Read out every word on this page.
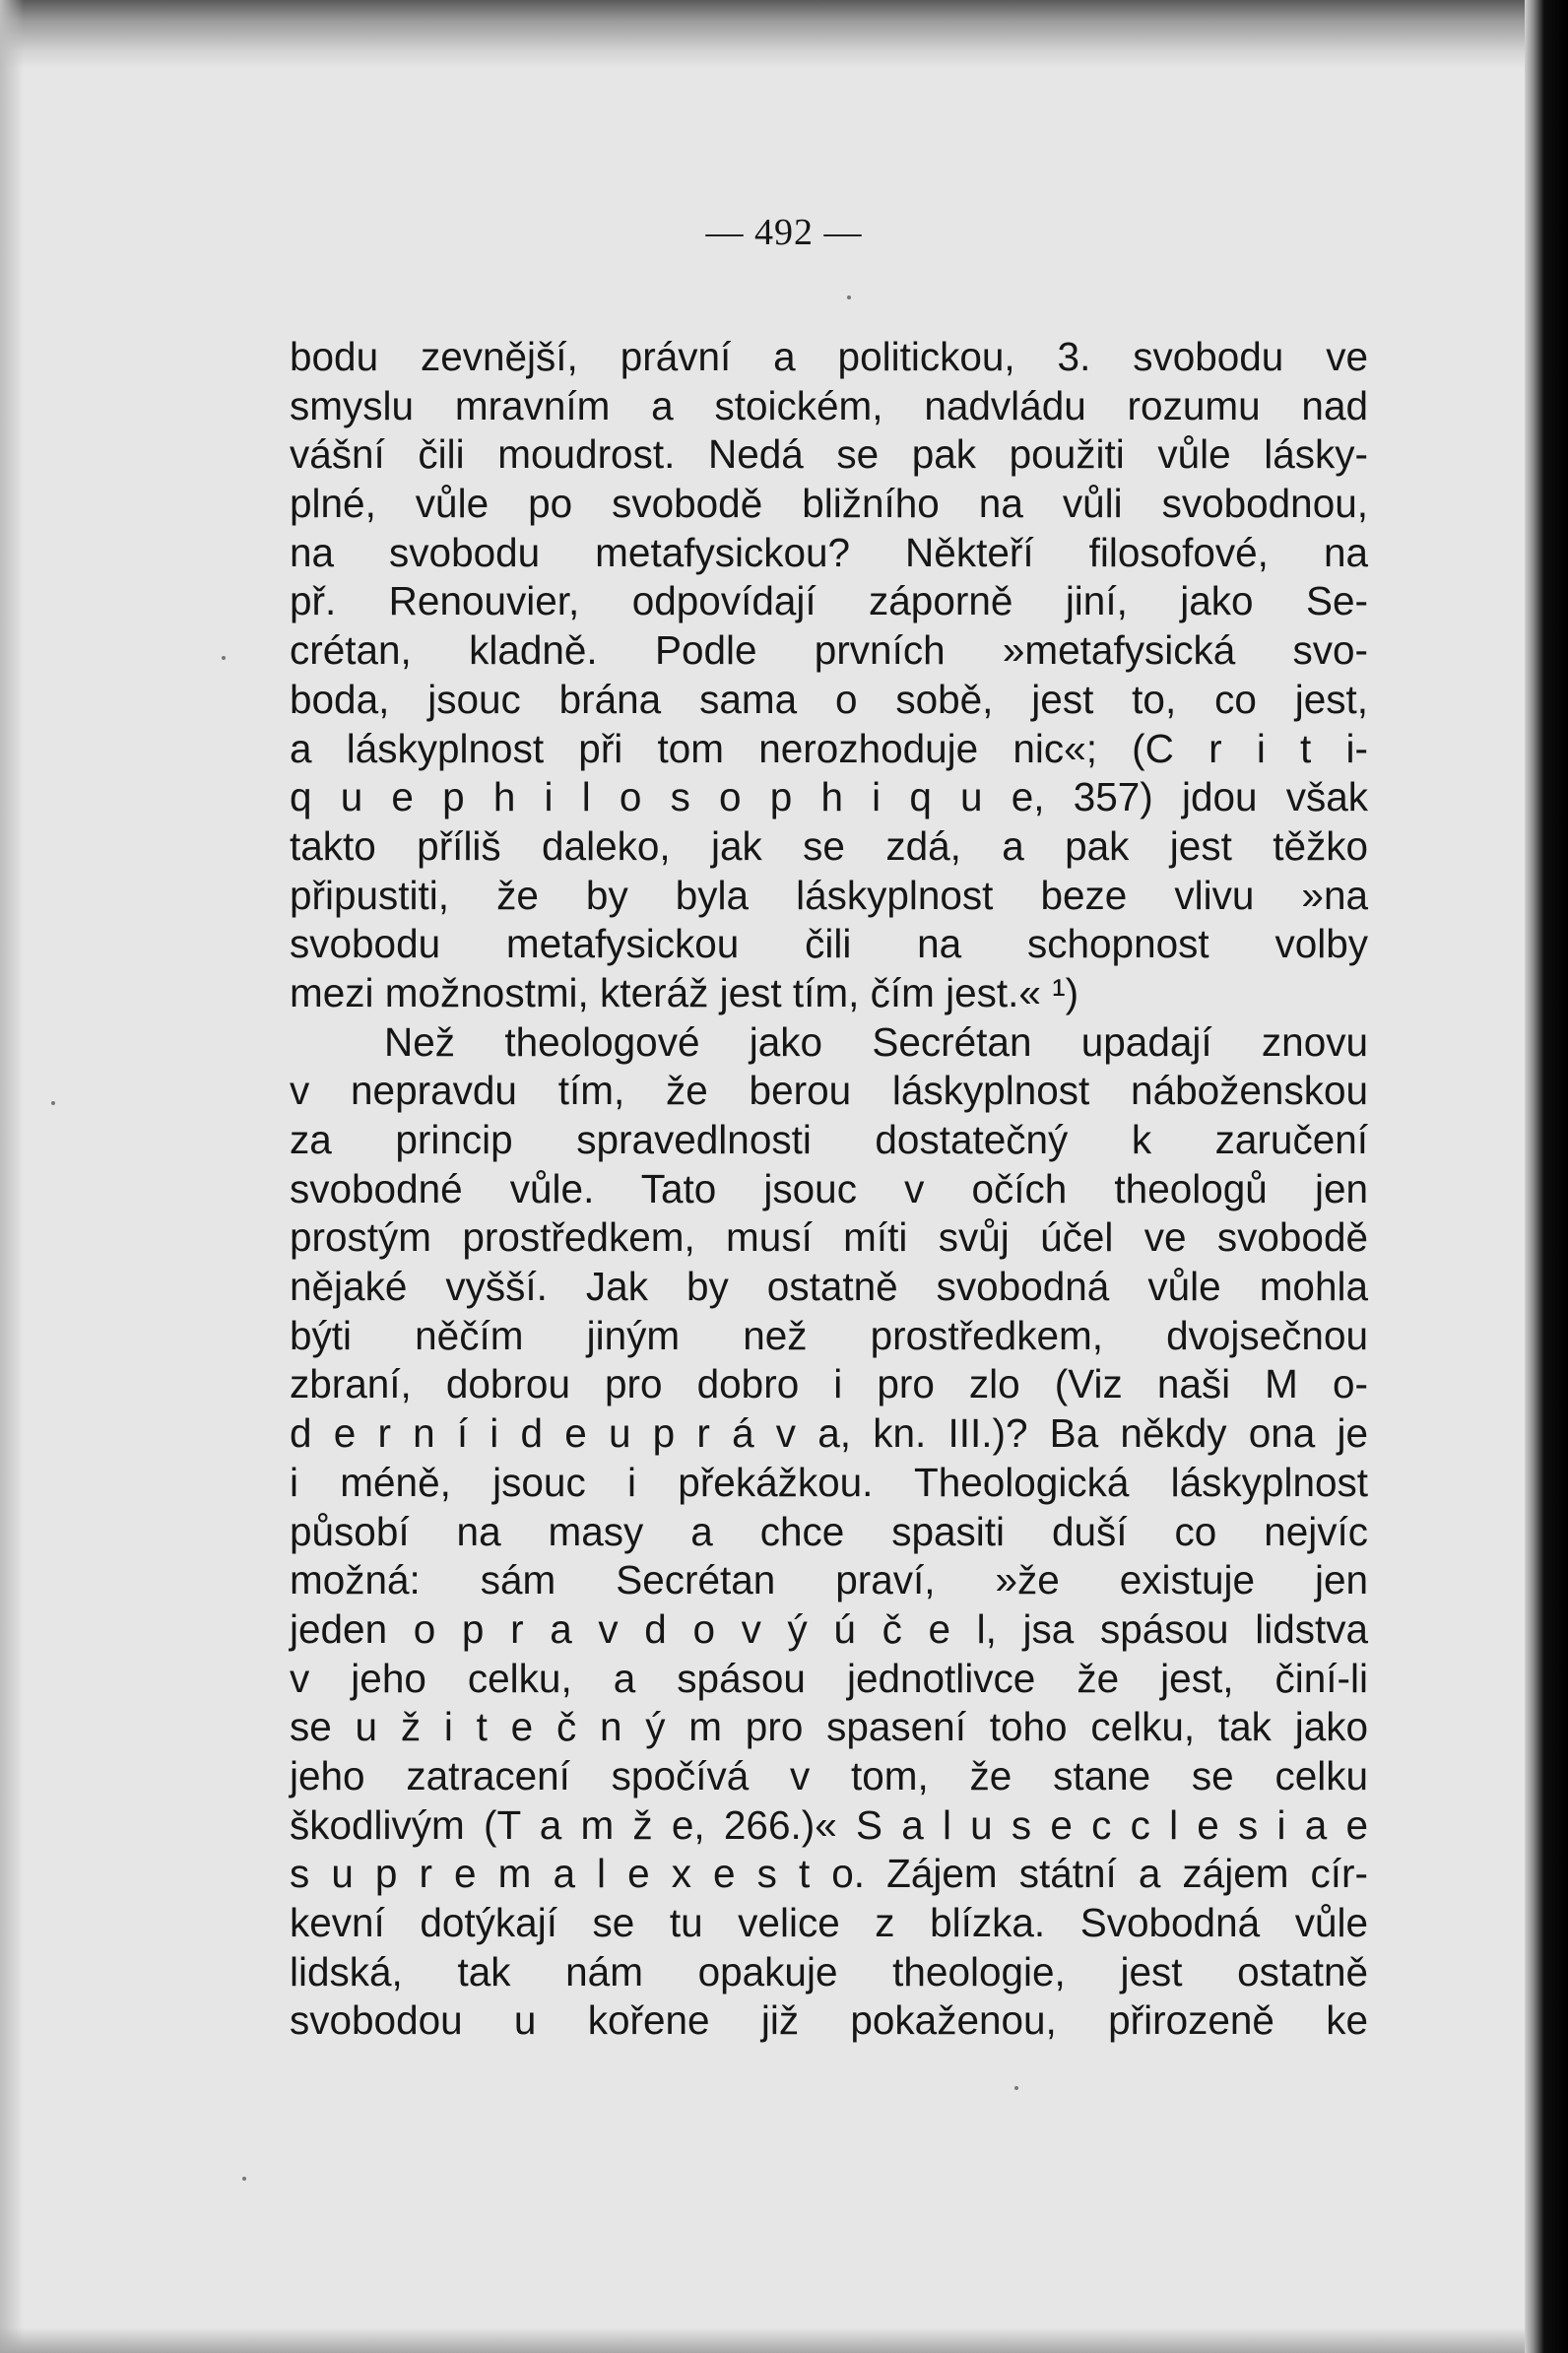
— 492 —
bodu zevnější, právní a politickou, 3. svobodu ve
smyslu mravním a stoickém, nadvládu rozumu nad
vášní čili moudrost. Nedá se pak použiti vůle lásky-
plné, vůle po svobodě bližního na vůli svobodnou,
na svobodu metafysickou? Někteří filosofové, na
př. Renouvier, odpovídají záporně jiní, jako Se-
crétan, kladně. Podle prvních »metafysická svo-
boda, jsouc brána sama o sobě, jest to, co jest,
a láskyplnost při tom nerozhoduje nic«; (C r i t i-
q u e p h i l o s o p h i q u e, 357) jdou však
takto příliš daleko, jak se zdá, a pak jest těžko
připustiti, že by byla láskyplnost beze vlivu »na
svobodu metafysickou čili na schopnost volby
mezi možnostmi, kteráž jest tím, čím jest.« ¹)
Než theologové jako Secrétan upadají znovu
v nepravdu tím, že berou láskyplnost náboženskou
za princip spravedlnosti dostatečný k zaručení
svobodné vůle. Tato jsouc v očích theologů jen
prostým prostředkem, musí míti svůj účel ve svobodě
nějaké vyšší. Jak by ostatně svobodná vůle mohla
býti něčím jiným než prostředkem, dvojsečnou
zbraní, dobrou pro dobro i pro zlo (Viz naši M o-
d e r n í i d e u p r á v a, kn. III.)? Ba někdy ona je
i méně, jsouc i překážkou. Theologická láskyplnost
působí na masy a chce spasiti duší co nejvíc
možná: sám Secrétan praví, »že existuje jen
jeden o p r a v d o v ý ú č e l, jsa spásou lidstva
v jeho celku, a spásou jednotlivce že jest, činí-li
se u ž i t e č n ý m pro spasení toho celku, tak jako
jeho zatracení spočívá v tom, že stane se celku
škodlivým (T a m ž e, 266.)« S a l u s e c c l e s i a e
s u p r e m a l e x e s t o. Zájem státní a zájem cír-
kevní dotýkají se tu velice z blízka. Svobodná vůle
lidská, tak nám opakuje theologie, jest ostatně
svobodou u kořene již pokaženou, přirozeně ke
